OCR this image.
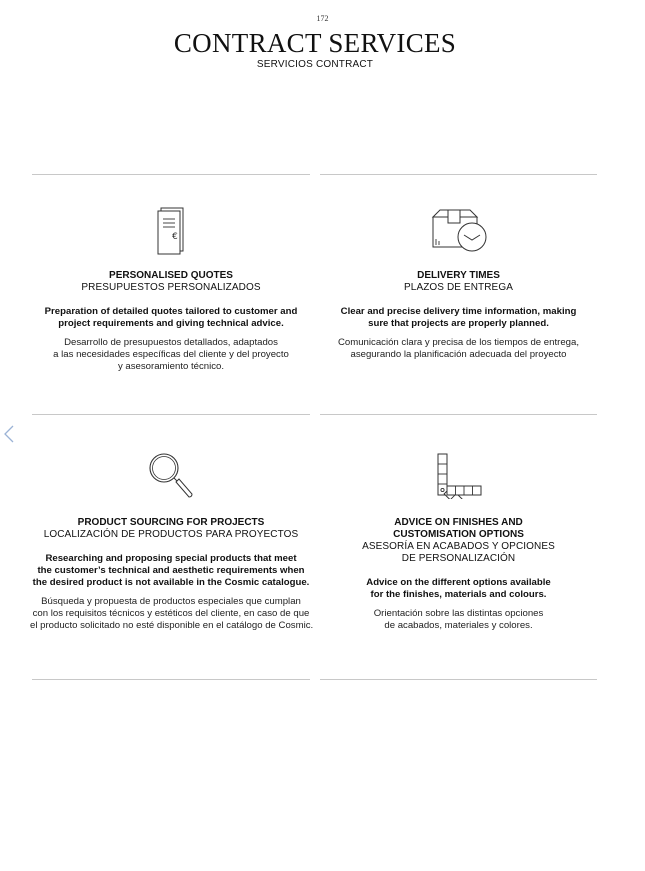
172
CONTRACT SERVICES
SERVICIOS CONTRACT
€
PERSONALISED QUOTES
PRESUPUESTOS PERSONALIZADOS
Preparation of detailed quotes tailored to customer and
project requirements and giving technical advice.
Desarrollo de presupuestos detallados, adaptados
a las necesidades específicas del cliente y del proyecto
y asesoramiento técnico.
DELIVERY TIMES
PLAZOS DE ENTREGA
Clear and precise delivery time information, making
sure that projects are properly planned.
Comunicación clara y precisa de los tiempos de entrega,
asegurando la planificación adecuada del proyecto
PRODUCT SOURCING FOR PROJECTS
LOCALIZACIÓN DE PRODUCTOS PARA PROYECTOS
Researching and proposing special products that meet
the customer’s technical and aesthetic requirements when
the desired product is not available in the Cosmic catalogue.
Búsqueda y propuesta de productos especiales que cumplan
con los requisitos técnicos y estéticos del cliente, en caso de que
el producto solicitado no esté disponible en el catálogo de Cosmic.
ADVICE ON FINISHES AND
CUSTOMISATION OPTIONS
ASESORÍA EN ACABADOS Y OPCIONES
DE PERSONALIZACIÓN
Advice on the different options available
for the finishes, materials and colours.
Orientación sobre las distintas opciones
de acabados, materiales y colores.
